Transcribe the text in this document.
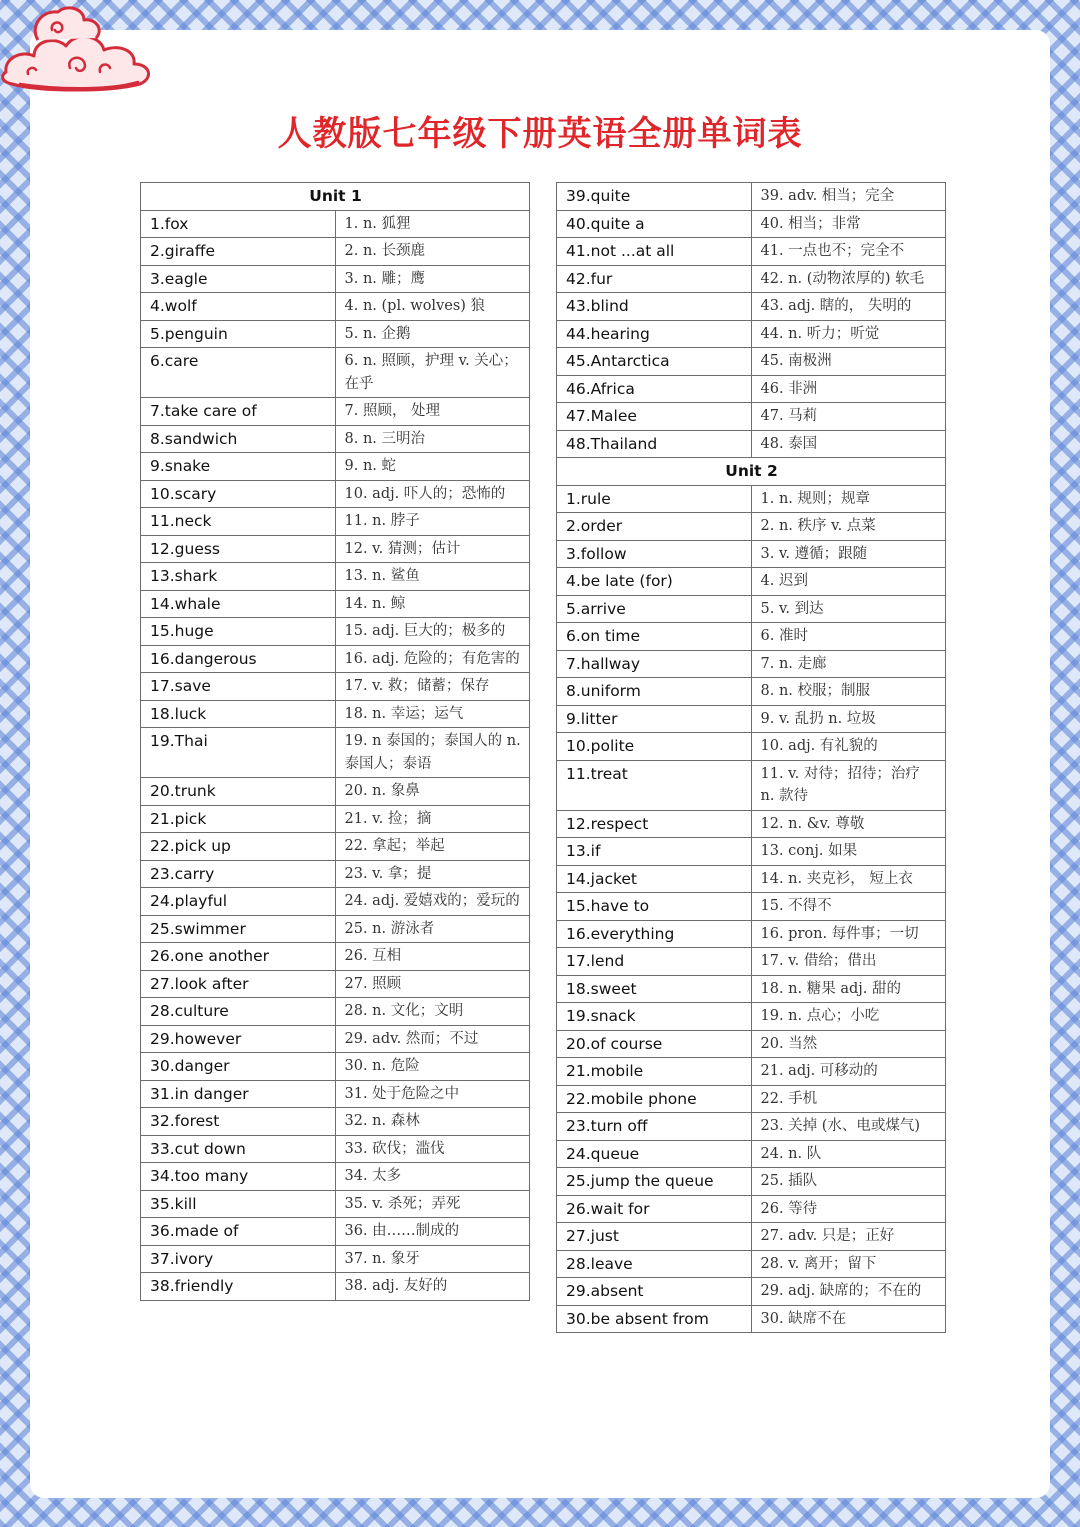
人教版七年级下册英语全册单词表
Unit 1	
1.fox	1. n. 狐狸
2.giraffe	2. n. 长颈鹿
3.eagle	3. n. 雕；鹰
4.wolf	4. n. (pl. wolves) 狼
5.penguin	5. n. 企鹅
6.care	6. n. 照顾，护理 v. 关心；在乎
7.take care of	7. 照顾， 处理
8.sandwich	8. n. 三明治
9.snake	9. n. 蛇
10.scary	10. adj. 吓人的；恐怖的
11.neck	11. n. 脖子
12.guess	12. v. 猜测；估计
13.shark	13. n. 鲨鱼
14.whale	14. n. 鲸
15.huge	15. adj. 巨大的；极多的
16.dangerous	16. adj. 危险的；有危害的
17.save	17. v. 救；储蓄；保存
18.luck	18. n. 幸运；运气
19.Thai	19. n 泰国的；泰国人的 n. 泰国人；泰语
20.trunk	20. n. 象鼻
21.pick	21. v. 捡；摘
22.pick up	22. 拿起；举起
23.carry	23. v. 拿；提
24.playful	24. adj. 爱嬉戏的；爱玩的
25.swimmer	25. n. 游泳者
26.one another	26. 互相
27.look after	27. 照顾
28.culture	28. n. 文化；文明
29.however	29. adv. 然而；不过
30.danger	30. n. 危险
31.in danger	31. 处于危险之中
32.forest	32. n. 森林
33.cut down	33. 砍伐；滥伐
34.too many	34. 太多
35.kill	35. v. 杀死；弄死
36.made of	36. 由……制成的
37.ivory	37. n. 象牙
38.friendly	38. adj. 友好的
39.quite	39. adv. 相当；完全
40.quite a	40. 相当；非常
41.not ...at all	41. 一点也不；完全不
42.fur	42. n. (动物浓厚的) 软毛
43.blind	43. adj. 瞎的， 失明的
44.hearing	44. n. 听力；听觉
45.Antarctica	45. 南极洲
46.Africa	46. 非洲
47.Malee	47. 马莉
48.Thailand	48. 泰国
Unit 2	
1.rule	1. n. 规则；规章
2.order	2. n. 秩序 v. 点菜
3.follow	3. v. 遵循；跟随
4.be late (for)	4. 迟到
5.arrive	5. v. 到达
6.on time	6. 准时
7.hallway	7. n. 走廊
8.uniform	8. n. 校服；制服
9.litter	9. v. 乱扔 n. 垃圾
10.polite	10. adj. 有礼貌的
11.treat	11. v. 对待；招待；治疗 n. 款待
12.respect	12. n. &v. 尊敬
13.if	13. conj. 如果
14.jacket	14. n. 夹克衫， 短上衣
15.have to	15. 不得不
16.everything	16. pron. 每件事；一切
17.lend	17. v. 借给；借出
18.sweet	18. n. 糖果 adj. 甜的
19.snack	19. n. 点心；小吃
20.of course	20. 当然
21.mobile	21. adj. 可移动的
22.mobile phone	22. 手机
23.turn off	23. 关掉 (水、电或煤气)
24.queue	24. n. 队
25.jump the queue	25. 插队
26.wait for	26. 等待
27.just	27. adv. 只是；正好
28.leave	28. v. 离开；留下
29.absent	29. adj. 缺席的；不在的
30.be absent from	30. 缺席不在
